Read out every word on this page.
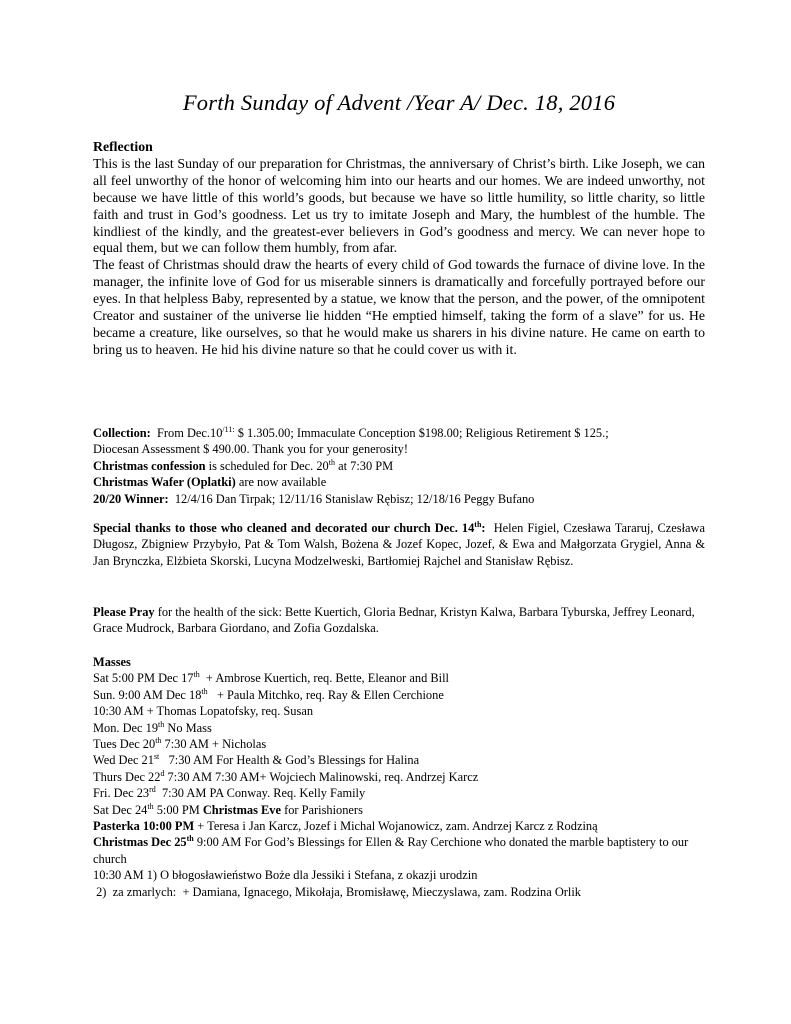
Forth Sunday of Advent /Year A/ Dec. 18, 2016
Reflection

This is the last Sunday of our preparation for Christmas, the anniversary of Christ’s birth. Like Joseph, we can all feel unworthy of the honor of welcoming him into our hearts and our homes. We are indeed unworthy, not because we have little of this world’s goods, but because we have so little humility, so little charity, so little faith and trust in God’s goodness. Let us try to imitate Joseph and Mary, the humblest of the humble. The kindliest of the kindly, and the greatest-ever believers in God’s goodness and mercy. We can never hope to equal them, but we can follow them humbly, from afar.

The feast of Christmas should draw the hearts of every child of God towards the furnace of divine love. In the manager, the infinite love of God for us miserable sinners is dramatically and forcefully portrayed before our eyes. In that helpless Baby, represented by a statue, we know that the person, and the power, of the omnipotent Creator and sustainer of the universe lie hidden “He emptied himself, taking the form of a slave” for us. He became a creature, like ourselves, so that he would make us sharers in his divine nature. He came on earth to bring us to heaven. He hid his divine nature so that he could cover us with it.

Collection: From $Dec.10^{/11:}$ $ 1.305.00; Immaculate Conception $198.00; Religious Retirement $ 125.;
Diocesan Assessment $ 490.00. Thank you for your generosity!
Christmas confession is scheduled for Dec. 20th at 7:30 PM
Christmas Wafer (Oplatki) are now available
20/20 Winner:  12/4/16 Dan Tirpak; 12/11/16 Stanislaw Rębisz; 12/18/16 Peggy Bufano
Special thanks to those who cleaned and decorated our church Dec. 14th: Helen Figiel, Czesława Tararuj, Czesława Długosz, Zbigniew Przybyło, Pat & Tom Walsh, Bożena & Jozef Kopec, Jozef, & Ewa and Małgorzata Grygiel, Anna & Jan Brynczka, Elżbieta Skorski, Lucyna Modzelweski, Bartłomiej Rajchel and Stanisław Rębisz.
Please Pray for the health of the sick: Bette Kuertich, Gloria Bednar, Kristyn Kalwa, Barbara Tyburska, Jeffrey Leonard, Grace Mudrock, Barbara Giordano, and Zofia Gozdalska.
Masses
Sat 5:00 PM Dec 17th  + Ambrose Kuertich, req. Bette, Eleanor and Bill
Sun. 9:00 AM Dec 18th   + Paula Mitchko, req. Ray & Ellen Cerchione
10:30 AM + Thomas Lopatofsky, req. Susan
Mon. Dec 19th No Mass
Tues Dec 20th 7:30 AM + Nicholas
Wed Dec 21st   7:30 AM For Health & God’s Blessings for Halina
Thurs Dec 22$^d$ 7:30 AM 7:30 AM+ Wojciech Malinowski, req. Andrzej Karcz
Fri. Dec 23rd  7:30 AM PA Conway. Req. Kelly Family
Sat Dec 24th 5:00 PM Christmas Eve for Parishioners
Pasterka 10:00 PM + Teresa i Jan Karcz, Jozef i Michal Wojanowicz, zam. Andrzej Karcz z Rodziną
Christmas Dec 25th 9:00 AM For God’s Blessings for Ellen & Ray Cerchione who donated the marble baptistery to our church
10:30 AM 1) O błogosławieństwo Boże dla Jessiki i Stefana, z okazji urodzin
2)  za zmarlych:  + Damiana, Ignacego, Mikołaja, Bromisławę, Mieczyslawa, zam. Rodzina Orlik
